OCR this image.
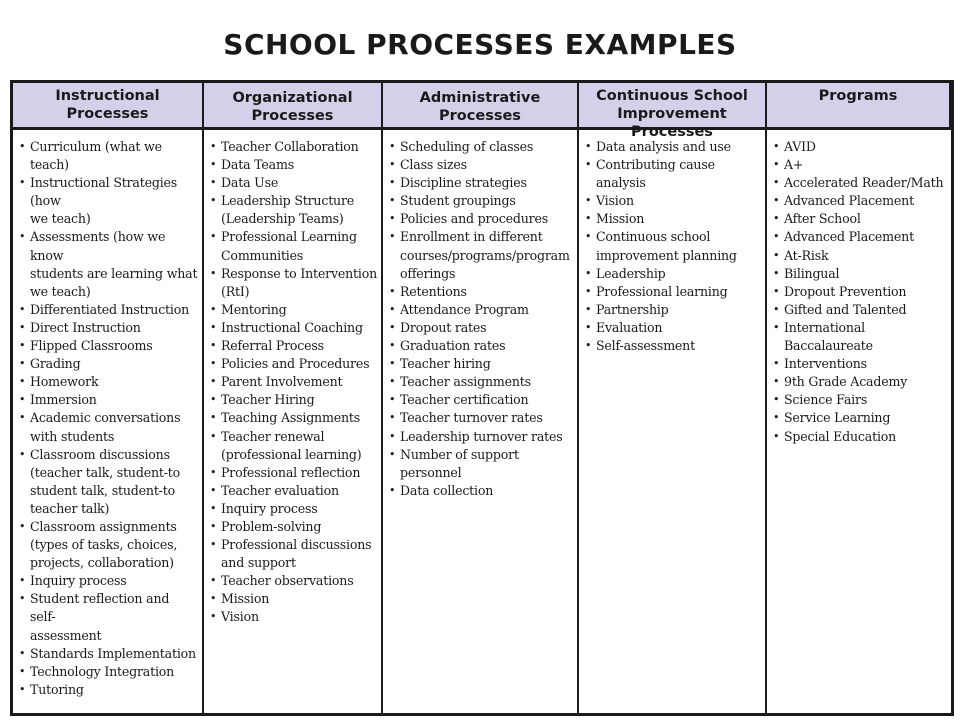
SCHOOL PROCESSES EXAMPLES
Instructional
Processes
Organizational
Processes
Administrative
Processes
Continuous School
Improvement Processes
Programs
• Curriculum (what we teach)
• Instructional Strategies (how
we teach)
• Assessments (how we know
students are learning what
we teach)
• Differentiated Instruction
• Direct Instruction
• Flipped Classrooms
• Grading
• Homework
• Immersion
• Academic conversations
with students
• Classroom discussions
(teacher talk, student-to
student talk, student-to
teacher talk)
• Classroom assignments
(types of tasks, choices,
projects, collaboration)
• Inquiry process
• Student reflection and self-
assessment
• Standards Implementation
• Technology Integration
• Tutoring
• Teacher Collaboration
• Data Teams
• Data Use
• Leadership Structure
(Leadership Teams)
• Professional Learning
Communities
• Response to Intervention
(RtI)
• Mentoring
• Instructional Coaching
• Referral Process
• Policies and Procedures
• Parent Involvement
• Teacher Hiring
• Teaching Assignments
• Teacher renewal
(professional learning)
• Professional reflection
• Teacher evaluation
• Inquiry process
• Problem-solving
• Professional discussions
and support
• Teacher observations
• Mission
• Vision
• Scheduling of classes
• Class sizes
• Discipline strategies
• Student groupings
• Policies and procedures
• Enrollment in different
courses/programs/program
offerings
• Retentions
• Attendance Program
• Dropout rates
• Graduation rates
• Teacher hiring
• Teacher assignments
• Teacher certification
• Teacher turnover rates
• Leadership turnover rates
• Number of support personnel
• Data collection
• Data analysis and use
• Contributing cause analysis
• Vision
• Mission
• Continuous school
improvement planning
• Leadership
• Professional learning
• Partnership
• Evaluation
• Self-assessment
• AVID
• A+
• Accelerated Reader/Math
• Advanced Placement
• After School
• Advanced Placement
• At-Risk
• Bilingual
• Dropout Prevention
• Gifted and Talented
• International Baccalaureate
• Interventions
• 9th Grade Academy
• Science Fairs
• Service Learning
• Special Education
